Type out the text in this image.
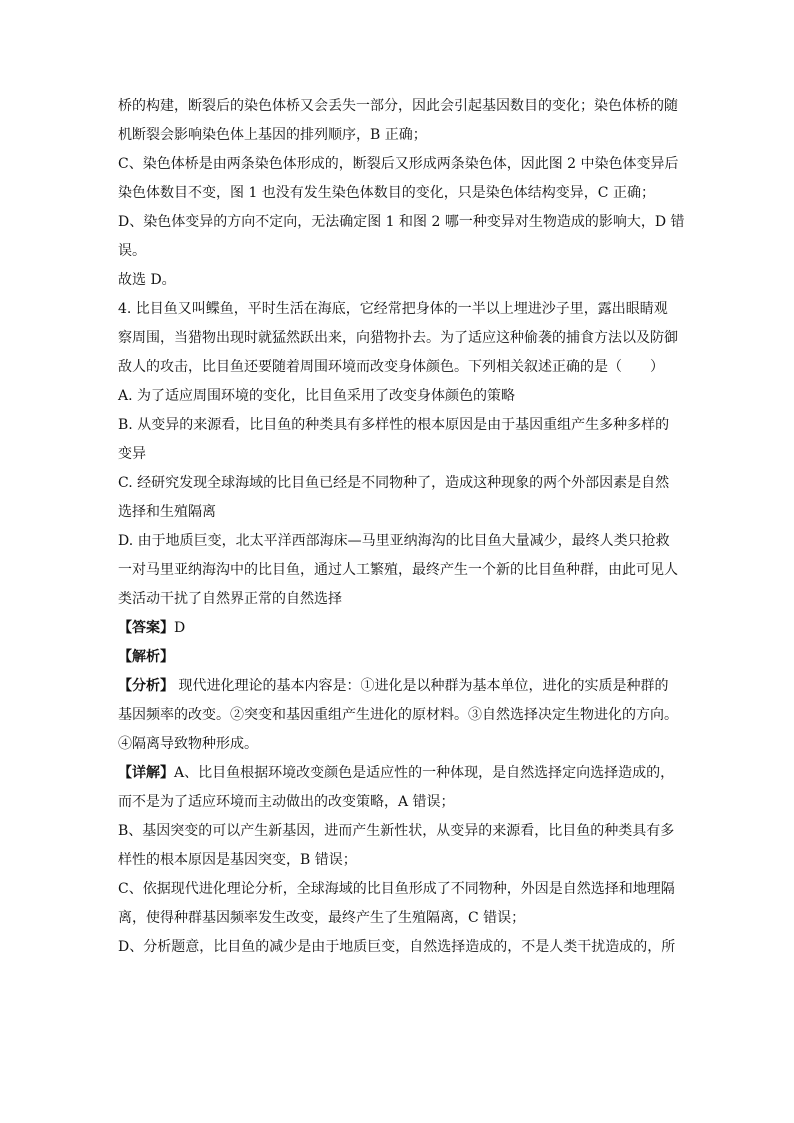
桥的构建，断裂后的染色体桥又会丢失一部分，因此会引起基因数目的变化；染色体桥的随
机断裂会影响染色体上基因的排列顺序，B 正确；
C、染色体桥是由两条染色体形成的，断裂后又形成两条染色体，因此图 2 中染色体变异后
染色体数目不变，图 1 也没有发生染色体数目的变化，只是染色体结构变异，C 正确；
D、染色体变异的方向不定向，无法确定图 1 和图 2 哪一种变异对生物造成的影响大，D 错
误。
故选 D。
4. 比目鱼又叫鲽鱼，平时生活在海底，它经常把身体的一半以上埋进沙子里，露出眼睛观
察周围，当猎物出现时就猛然跃出来，向猎物扑去。为了适应这种偷袭的捕食方法以及防御
敌人的攻击，比目鱼还要随着周围环境而改变身体颜色。下列相关叙述正确的是（　　）
A. 为了适应周围环境的变化，比目鱼采用了改变身体颜色的策略
B. 从变异的来源看，比目鱼的种类具有多样性的根本原因是由于基因重组产生多种多样的
变异
C. 经研究发现全球海域的比目鱼已经是不同物种了，造成这种现象的两个外部因素是自然
选择和生殖隔离
D. 由于地质巨变，北太平洋西部海床—马里亚纳海沟的比目鱼大量减少，最终人类只抢救
一对马里亚纳海沟中的比目鱼，通过人工繁殖，最终产生一个新的比目鱼种群，由此可见人
类活动干扰了自然界正常的自然选择
【答案】D
【解析】
【分析】 现代进化理论的基本内容是：①进化是以种群为基本单位，进化的实质是种群的
基因频率的改变。②突变和基因重组产生进化的原材料。③自然选择决定生物进化的方向。
④隔离导致物种形成。
【详解】A、比目鱼根据环境改变颜色是适应性的一种体现，是自然选择定向选择造成的，
而不是为了适应环境而主动做出的改变策略，A 错误；
B、基因突变的可以产生新基因，进而产生新性状，从变异的来源看，比目鱼的种类具有多
样性的根本原因是基因突变，B 错误；
C、依据现代进化理论分析，全球海域的比目鱼形成了不同物种，外因是自然选择和地理隔
离，使得种群基因频率发生改变，最终产生了生殖隔离，C 错误；
D、分析题意，比目鱼的减少是由于地质巨变，自然选择造成的，不是人类干扰造成的，所
